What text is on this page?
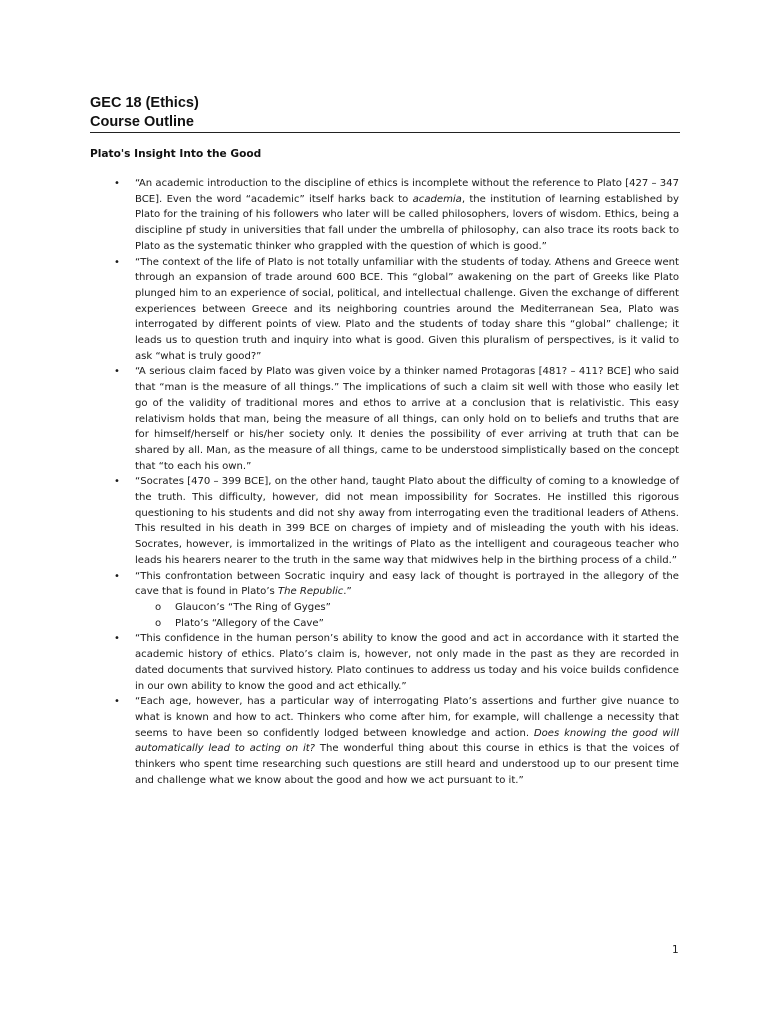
GEC 18 (Ethics)
Course Outline
Plato's Insight Into the Good
• “An academic introduction to the discipline of ethics is incomplete without the reference to Plato [427 – 347 BCE]. Even the word “academic” itself harks back to academia, the institution of learning established by Plato for the training of his followers who later will be called philosophers, lovers of wisdom. Ethics, being a discipline pf study in universities that fall under the umbrella of philosophy, can also trace its roots back to Plato as the systematic thinker who grappled with the question of which is good.”
• “The context of the life of Plato is not totally unfamiliar with the students of today. Athens and Greece went through an expansion of trade around 600 BCE. This “global” awakening on the part of Greeks like Plato plunged him to an experience of social, political, and intellectual challenge. Given the exchange of different experiences between Greece and its neighboring countries around the Mediterranean Sea, Plato was interrogated by different points of view. Plato and the students of today share this “global” challenge; it leads us to question truth and inquiry into what is good. Given this pluralism of perspectives, is it valid to ask “what is truly good?”
• “A serious claim faced by Plato was given voice by a thinker named Protagoras [481? – 411? BCE] who said that “man is the measure of all things.” The implications of such a claim sit well with those who easily let go of the validity of traditional mores and ethos to arrive at a conclusion that is relativistic. This easy relativism holds that man, being the measure of all things, can only hold on to beliefs and truths that are for himself/herself or his/her society only. It denies the possibility of ever arriving at truth that can be shared by all. Man, as the measure of all things, came to be understood simplistically based on the concept that “to each his own.”
• “Socrates [470 – 399 BCE], on the other hand, taught Plato about the difficulty of coming to a knowledge of the truth. This difficulty, however, did not mean impossibility for Socrates. He instilled this rigorous questioning to his students and did not shy away from interrogating even the traditional leaders of Athens. This resulted in his death in 399 BCE on charges of impiety and of misleading the youth with his ideas. Socrates, however, is immortalized in the writings of Plato as the intelligent and courageous teacher who leads his hearers nearer to the truth in the same way that midwives help in the birthing process of a child.”
• “This confrontation between Socratic inquiry and easy lack of thought is portrayed in the allegory of the cave that is found in Plato’s The Republic.”
o Glaucon’s “The Ring of Gyges”
o Plato’s “Allegory of the Cave”
• “This confidence in the human person’s ability to know the good and act in accordance with it started the academic history of ethics. Plato’s claim is, however, not only made in the past as they are recorded in dated documents that survived history. Plato continues to address us today and his voice builds confidence in our own ability to know the good and act ethically.”
• “Each age, however, has a particular way of interrogating Plato’s assertions and further give nuance to what is known and how to act. Thinkers who come after him, for example, will challenge a necessity that seems to have been so confidently lodged between knowledge and action. Does knowing the good will automatically lead to acting on it? The wonderful thing about this course in ethics is that the voices of thinkers who spent time researching such questions are still heard and understood up to our present time and challenge what we know about the good and how we act pursuant to it.”
1
